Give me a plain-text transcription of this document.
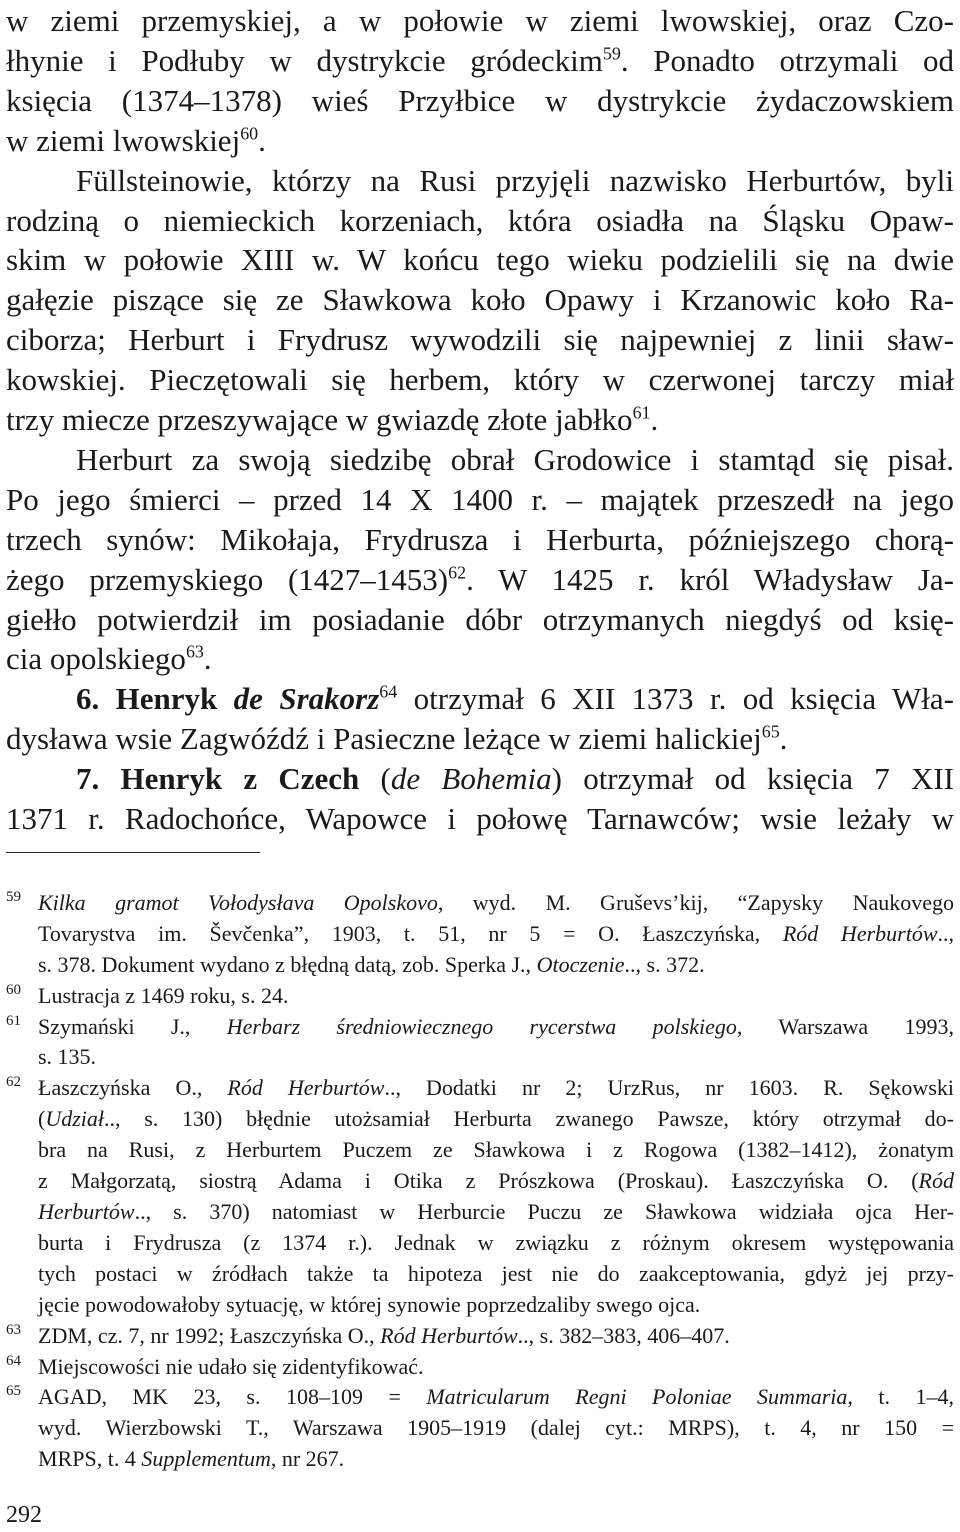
w ziemi przemyskiej, a w połowie w ziemi lwowskiej, oraz Czo-
łhynie i Podłuby w dystrykcie gródeckim$^{59}$. Ponadto otrzymali od
księcia (1374–1378) wieś Przyłbice w dystrykcie żydaczowskiem
w ziemi lwowskiej$^{60}$.
Füllsteinowie, którzy na Rusi przyjęli nazwisko Herburtów, byli
rodziną o niemieckich korzeniach, która osiadła na Śląsku Opaw-
skim w połowie XIII w. W końcu tego wieku podzielili się na dwie
gałęzie piszące się ze Sławkowa koło Opawy i Krzanowic koło Ra-
ciborza; Herburt i Frydrusz wywodzili się najpewniej z linii sław-
kowskiej. Pieczętowali się herbem, który w czerwonej tarczy miał
trzy miecze przeszywające w gwiazdę złote jabłko$^{61}$.
Herburt za swoją siedzibę obrał Grodowice i stamtąd się pisał.
Po jego śmierci – przed 14 X 1400 r. – majątek przeszedł na jego
trzech synów: Mikołaja, Frydrusza i Herburta, późniejszego chorą-
żego przemyskiego (1427–1453)$^{62}$. W 1425 r. król Władysław Ja-
giełło potwierdził im posiadanie dóbr otrzymanych niegdyś od księ-
cia opolskiego$^{63}$.
6. Henryk de Srakorz$^{64}$ otrzymał 6 XII 1373 r. od księcia Wła-
dysława wsie Zagwóźdź i Pasieczne leżące w ziemi halickiej$^{65}$.
7. Henryk z Czech (de Bohemia) otrzymał od księcia 7 XII
1371 r. Radochońce, Wapowce i połowę Tarnawców; wsie leżały w
59 Kilka gramot Vołodysłava Opolskovo, wyd. M. Gruševs’kij, “Zapysky Naukovego
Tovarystva im. Ševčenka”, 1903, t. 51, nr 5 = O. Łaszczyńska, Ród Herburtów..,
s. 378. Dokument wydano z błędną datą, zob. Sperka J., Otoczenie.., s. 372.
60 Lustracja z 1469 roku, s. 24.
61 Szymański J., Herbarz średniowiecznego rycerstwa polskiego, Warszawa 1993,
s. 135.
62 Łaszczyńska O., Ród Herburtów.., Dodatki nr 2; UrzRus, nr 1603. R. Sękowski
(Udział.., s. 130) błędnie utożsamiał Herburta zwanego Pawsze, który otrzymał do-
bra na Rusi, z Herburtem Puczem ze Sławkowa i z Rogowa (1382–1412), żonatym
z Małgorzatą, siostrą Adama i Otika z Prószkowa (Proskau). Łaszczyńska O. (Ród
Herburtów.., s. 370) natomiast w Herburcie Puczu ze Sławkowa widziała ojca Her-
burta i Frydrusza (z 1374 r.). Jednak w związku z różnym okresem występowania
tych postaci w źródłach także ta hipoteza jest nie do zaakceptowania, gdyż jej przy-
jęcie powodowałoby sytuację, w której synowie poprzedzaliby swego ojca.
63 ZDM, cz. 7, nr 1992; Łaszczyńska O., Ród Herburtów.., s. 382–383, 406–407.
64 Miejscowości nie udało się zidentyfikować.
65 AGAD, MK 23, s. 108–109 = Matricularum Regni Poloniae Summaria, t. 1–4,
wyd. Wierzbowski T., Warszawa 1905–1919 (dalej cyt.: MRPS), t. 4, nr 150 =
MRPS, t. 4 Supplementum, nr 267.
292
